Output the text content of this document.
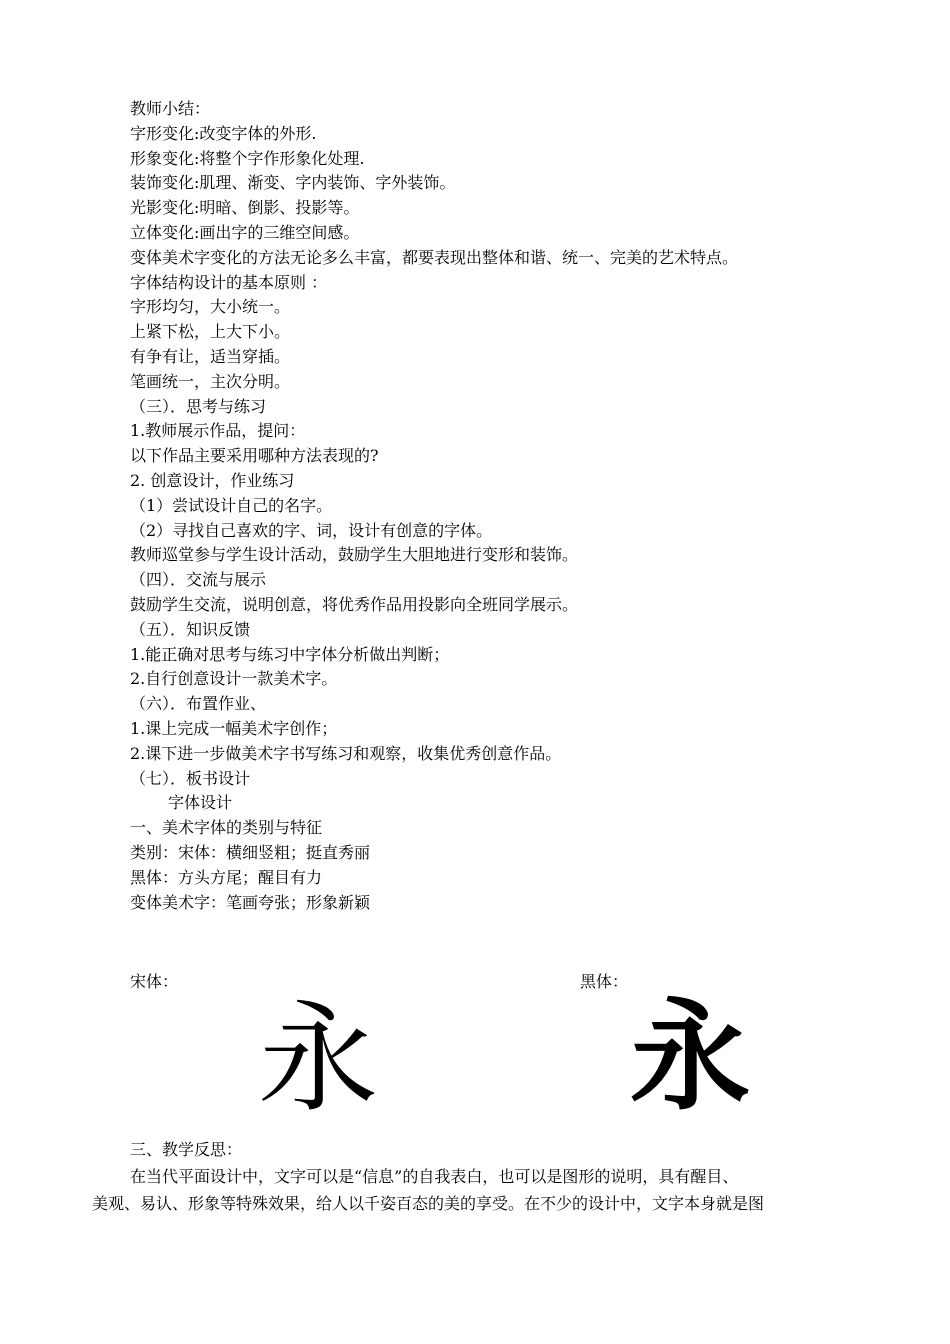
教师小结：
字形变化:改变字体的外形.
形象变化:将整个字作形象化处理.
装饰变化:肌理、渐变、字内装饰、字外装饰。
光影变化:明暗、倒影、投影等。
立体变化:画出字的三维空间感。
变体美术字变化的方法无论多么丰富，都要表现出整体和谐、统一、完美的艺术特点。
字体结构设计的基本原则 ：
字形均匀，大小统一。
上紧下松，上大下小。
有争有让，适当穿插。
笔画统一，主次分明。
（三）．思考与练习
1.教师展示作品，提问：
以下作品主要采用哪种方法表现的?
2. 创意设计，作业练习
（1）尝试设计自己的名字。
（2）寻找自己喜欢的字、词，设计有创意的字体。
教师巡堂参与学生设计活动，鼓励学生大胆地进行变形和装饰。
（四）．交流与展示
鼓励学生交流，说明创意，将优秀作品用投影向全班同学展示。
（五）．知识反馈
1.能正确对思考与练习中字体分析做出判断；
2.自行创意设计一款美术字。
（六）．布置作业、
1.课上完成一幅美术字创作；
2.课下进一步做美术字书写练习和观察，收集优秀创意作品。
（七）．板书设计
字体设计
一、美术字体的类别与特征
类别：宋体：横细竖粗；挺直秀丽
黑体：方头方尾；醒目有力
变体美术字：笔画夸张；形象新颖
宋体：	黑体：
永 永
三、教学反思：
在当代平面设计中，文字可以是“信息”的自我表白，也可以是图形的说明，具有醒目、
美观、易认、形象等特殊效果，给人以千姿百态的美的享受。在不少的设计中，文字本身就是图
